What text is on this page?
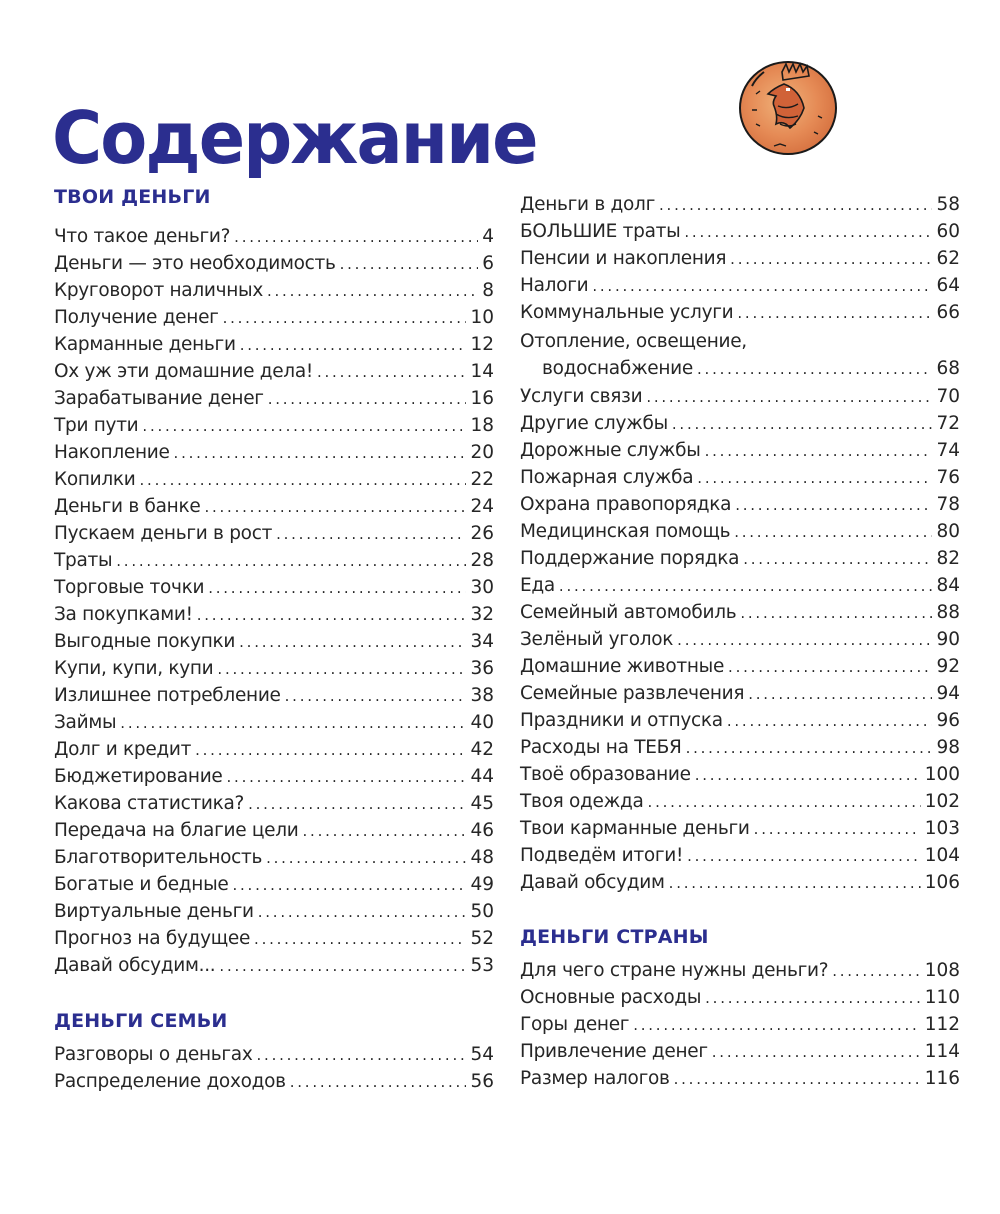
Содержание
ТВОИ ДЕНЬГИ
Что такое деньги? . . .	4
Деньги — это необходимость . . .	6
Круговорот наличных . . .	8
Получение денег . . .	10
Карманные деньги . . .	12
Ох уж эти домашние дела! . . .	14
Зарабатывание денег . . .	16
Три пути . . .	18
Накопление . . .	20
Копилки . . .	22
Деньги в банке . . .	24
Пускаем деньги в рост . . .	26
Траты . . .	28
Торговые точки . . .	30
За покупками! . . .	32
Выгодные покупки . . .	34
Купи, купи, купи . . .	36
Излишнее потребление . . .	38
Займы . . .	40
Долг и кредит . . .	42
Бюджетирование . . .	44
Какова статистика? . . .	45
Передача на благие цели . . .	46
Благотворительность . . .	48
Богатые и бедные . . .	49
Виртуальные деньги . . .	50
Прогноз на будущее . . .	52
Давай обсудим... . . .	53
ДЕНЬГИ СЕМЬИ
Разговоры о деньгах . . .	54
Распределение доходов . . .	56
Деньги в долг . . .	58
БОЛЬШИЕ траты . . .	60
Пенсии и накопления . . .	62
Налоги . . .	64
Коммунальные услуги . . .	66
Отопление, освещение,
водоснабжение . . .	68
Услуги связи . . .	70
Другие службы . . .	72
Дорожные службы . . .	74
Пожарная служба . . .	76
Охрана правопорядка . . .	78
Медицинская помощь . . .	80
Поддержание порядка . . .	82
Еда . . .	84
Семейный автомобиль . . .	88
Зелёный уголок . . .	90
Домашние животные . . .	92
Семейные развлечения . . .	94
Праздники и отпуска . . .	96
Расходы на ТЕБЯ . . .	98
Твоё образование . . .	100
Твоя одежда . . .	102
Твои карманные деньги . . .	103
Подведём итоги! . . .	104
Давай обсудим . . .	106
ДЕНЬГИ СТРАНЫ
Для чего стране нужны деньги? . . .	108
Основные расходы . . .	110
Горы денег . . .	112
Привлечение денег . . .	114
Размер налогов . . .	116
